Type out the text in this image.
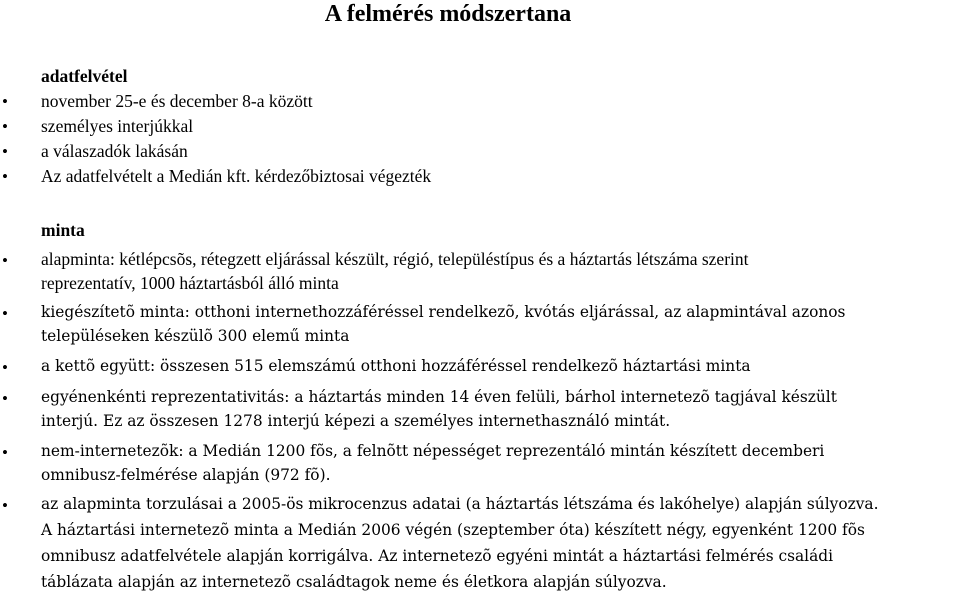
A felmérés módszertana
adatfelvétel
• november 25-e és december 8-a között
• személyes interjúkkal
• a válaszadók lakásán
• Az adatfelvételt a Medián kft. kérdezőbiztosai végezték
minta
• alapminta: kétlépcsõs, rétegzett eljárással készült, régió, településtípus és a háztartás létszáma szerint
reprezentatív, 1000 háztartásból álló minta
• kiegészítetõ minta: otthoni internethozzáféréssel rendelkezõ, kvótás eljárással, az alapmintával azonos
településeken készülõ 300 elemű minta
• a kettõ együtt: összesen 515 elemszámú otthoni hozzáféréssel rendelkezõ háztartási minta
• egyénenkénti reprezentativitás: a háztartás minden 14 éven felüli, bárhol internetezõ tagjával készült
interjú. Ez az összesen 1278 interjú képezi a személyes internethasználó mintát.
• nem-internetezõk: a Medián 1200 fõs, a felnõtt népességet reprezentáló mintán készített decemberi
omnibusz-felmérése alapján (972 fõ).
• az alapminta torzulásai a 2005-ös mikrocenzus adatai (a háztartás létszáma és lakóhelye) alapján súlyozva.
A háztartási internetezõ minta a Medián 2006 végén (szeptember óta) készített négy, egyenként 1200 fõs
omnibusz adatfelvétele alapján korrigálva. Az internetezõ egyéni mintát a háztartási felmérés családi
táblázata alapján az internetezõ családtagok neme és életkora alapján súlyozva.
